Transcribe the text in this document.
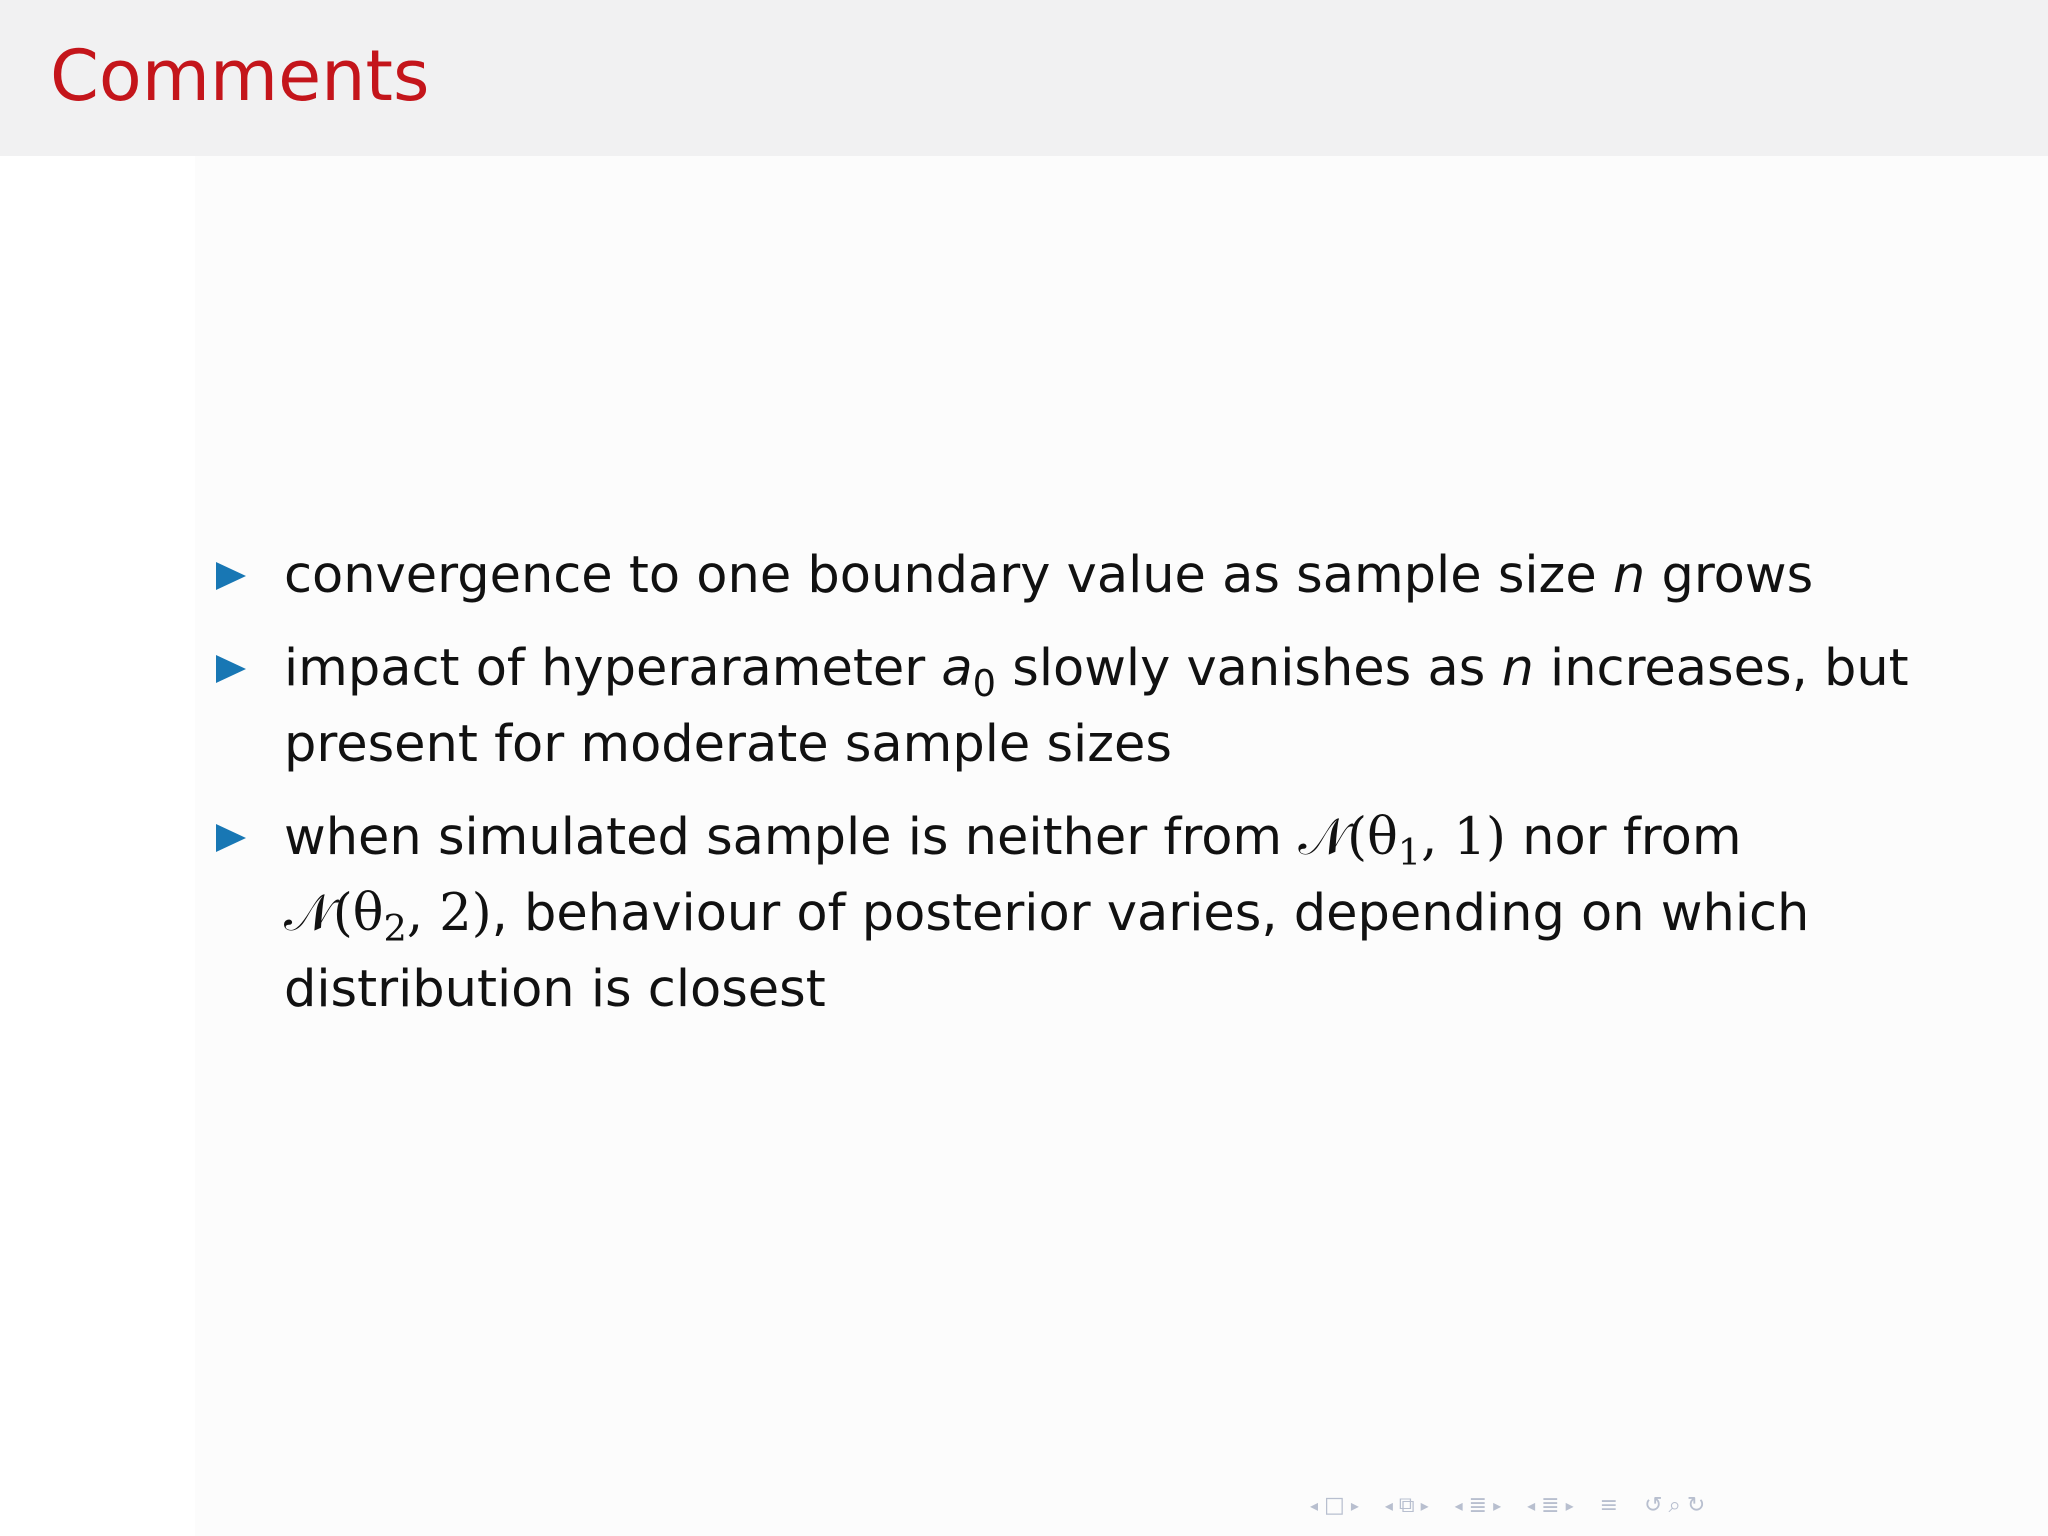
Comments
convergence to one boundary value as sample size n grows
impact of hyperarameter $a_0$ slowly vanishes as n increases, but
present for moderate sample sizes
when simulated sample is neither from $𝒩(\theta_1$, 1) nor from
$𝒩(\theta_2$, 2), behaviour of posterior varies, depending on which
distribution is closest
◂ □ ▸ ◂ ⧉ ▸ ◂ ≣ ▸ ◂ ≣ ▸ ≡ ↺ ⌕ ↻
